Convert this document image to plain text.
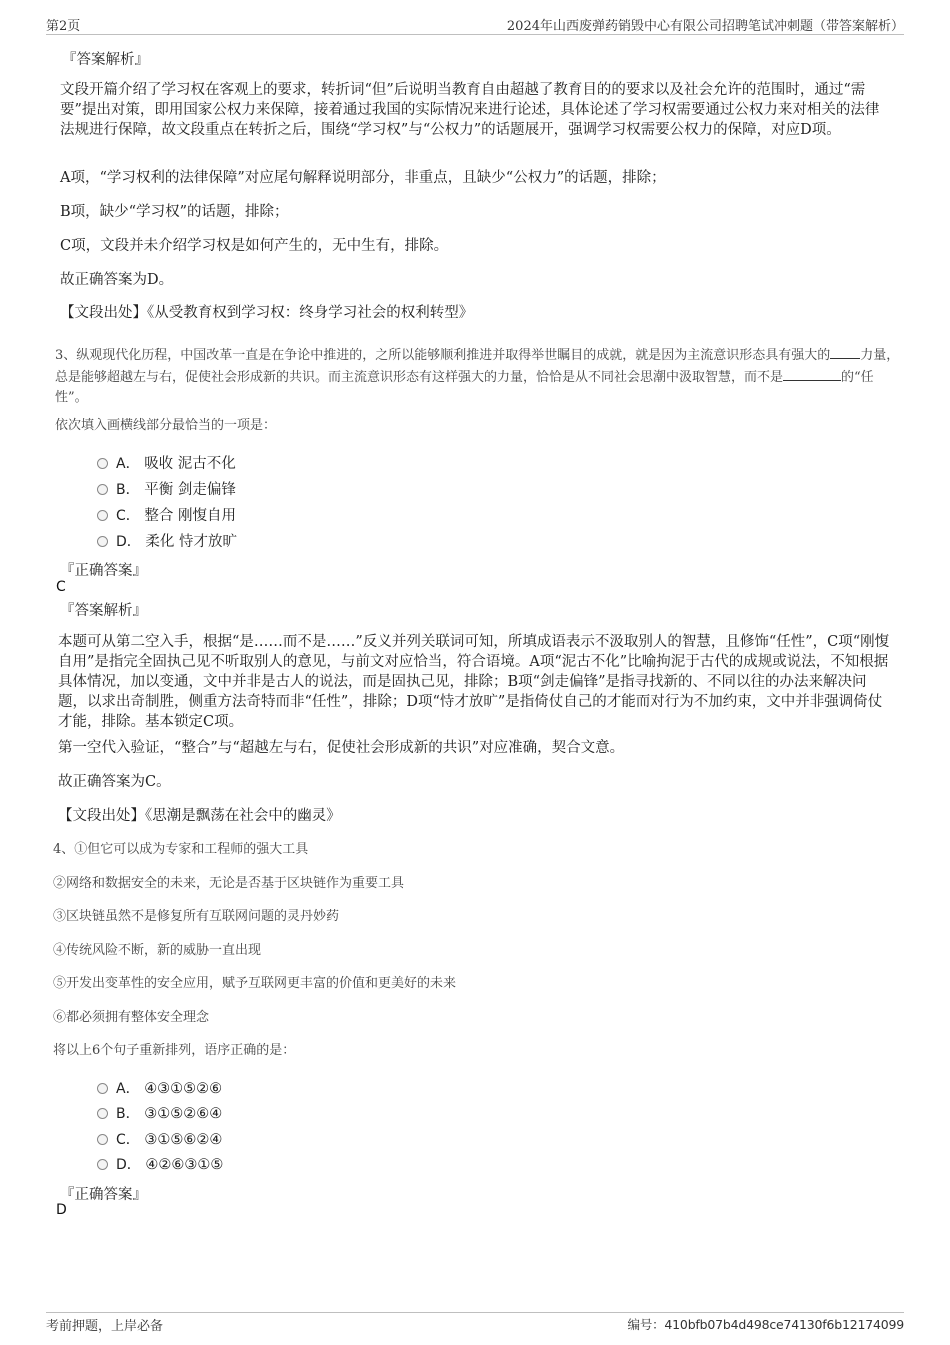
第2页	2024年山西废弹药销毁中心有限公司招聘笔试冲刺题（带答案解析）
『答案解析』

文段开篇介绍了学习权在客观上的要求，转折词“但”后说明当教育自由超越了教育目的的要求以及社会允许的范围时，通过“需要”提出对策，即用国家公权力来保障，接着通过我国的实际情况来进行论述，具体论述了学习权需要通过公权力来对相关的法律法规进行保障，故文段重点在转折之后，围绕“学习权”与“公权力”的话题展开，强调学习权需要公权力的保障，对应D项。

A项，“学习权利的法律保障”对应尾句解释说明部分，非重点，且缺少“公权力”的话题，排除；

B项，缺少“学习权”的话题，排除；

C项，文段并未介绍学习权是如何产生的，无中生有，排除。

故正确答案为D。

【文段出处】《从受教育权到学习权：终身学习社会的权利转型》

3、纵观现代化历程，中国改革一直是在争论中推进的，之所以能够顺利推进并取得举世瞩目的成就，就是因为主流意识形态具有强大的 力量，总是能够超越左与右，促使社会形成新的共识。而主流意识形态有这样强大的力量，恰恰是从不同社会思潮中汲取智慧，而不是	的“任性”。

依次填入画横线部分最恰当的一项是：

A． 吸收 泥古不化
B． 平衡 剑走偏锋
C． 整合 刚愎自用
D． 柔化 恃才放旷
『正确答案』
C
『答案解析』

本题可从第二空入手，根据“是……而不是……”反义并列关联词可知，所填成语表示不汲取别人的智慧，且修饰“任性”，C项“刚愎自用”是指完全固执己见不听取别人的意见，与前文对应恰当，符合语境。A项“泥古不化”比喻拘泥于古代的成规或说法，不知根据具体情况，加以变通，文中并非是古人的说法，而是固执己见，排除；B项“剑走偏锋”是指寻找新的、不同以往的办法来解决问题，以求出奇制胜，侧重方法奇特而非“任性”，排除；D项“恃才放旷”是指倚仗自己的才能而对行为不加约束，文中并非强调倚仗才能，排除。基本锁定C项。

第一空代入验证，“整合”与“超越左与右，促使社会形成新的共识”对应准确，契合文意。

故正确答案为C。

【文段出处】《思潮是飘荡在社会中的幽灵》

4、①但它可以成为专家和工程师的强大工具

②网络和数据安全的未来，无论是否基于区块链作为重要工具

③区块链虽然不是修复所有互联网问题的灵丹妙药

④传统风险不断，新的威胁一直出现

⑤开发出变革性的安全应用，赋予互联网更丰富的价值和更美好的未来

⑥都必须拥有整体安全理念

将以上6个句子重新排列，语序正确的是：

A． ④③①⑤②⑥
B． ③①⑤②⑥④
C． ③①⑤⑥②④
D． ④②⑥③①⑤
『正确答案』
D
考前押题，上岸必备	编号：410bfb07b4d498ce74130f6b12174099
